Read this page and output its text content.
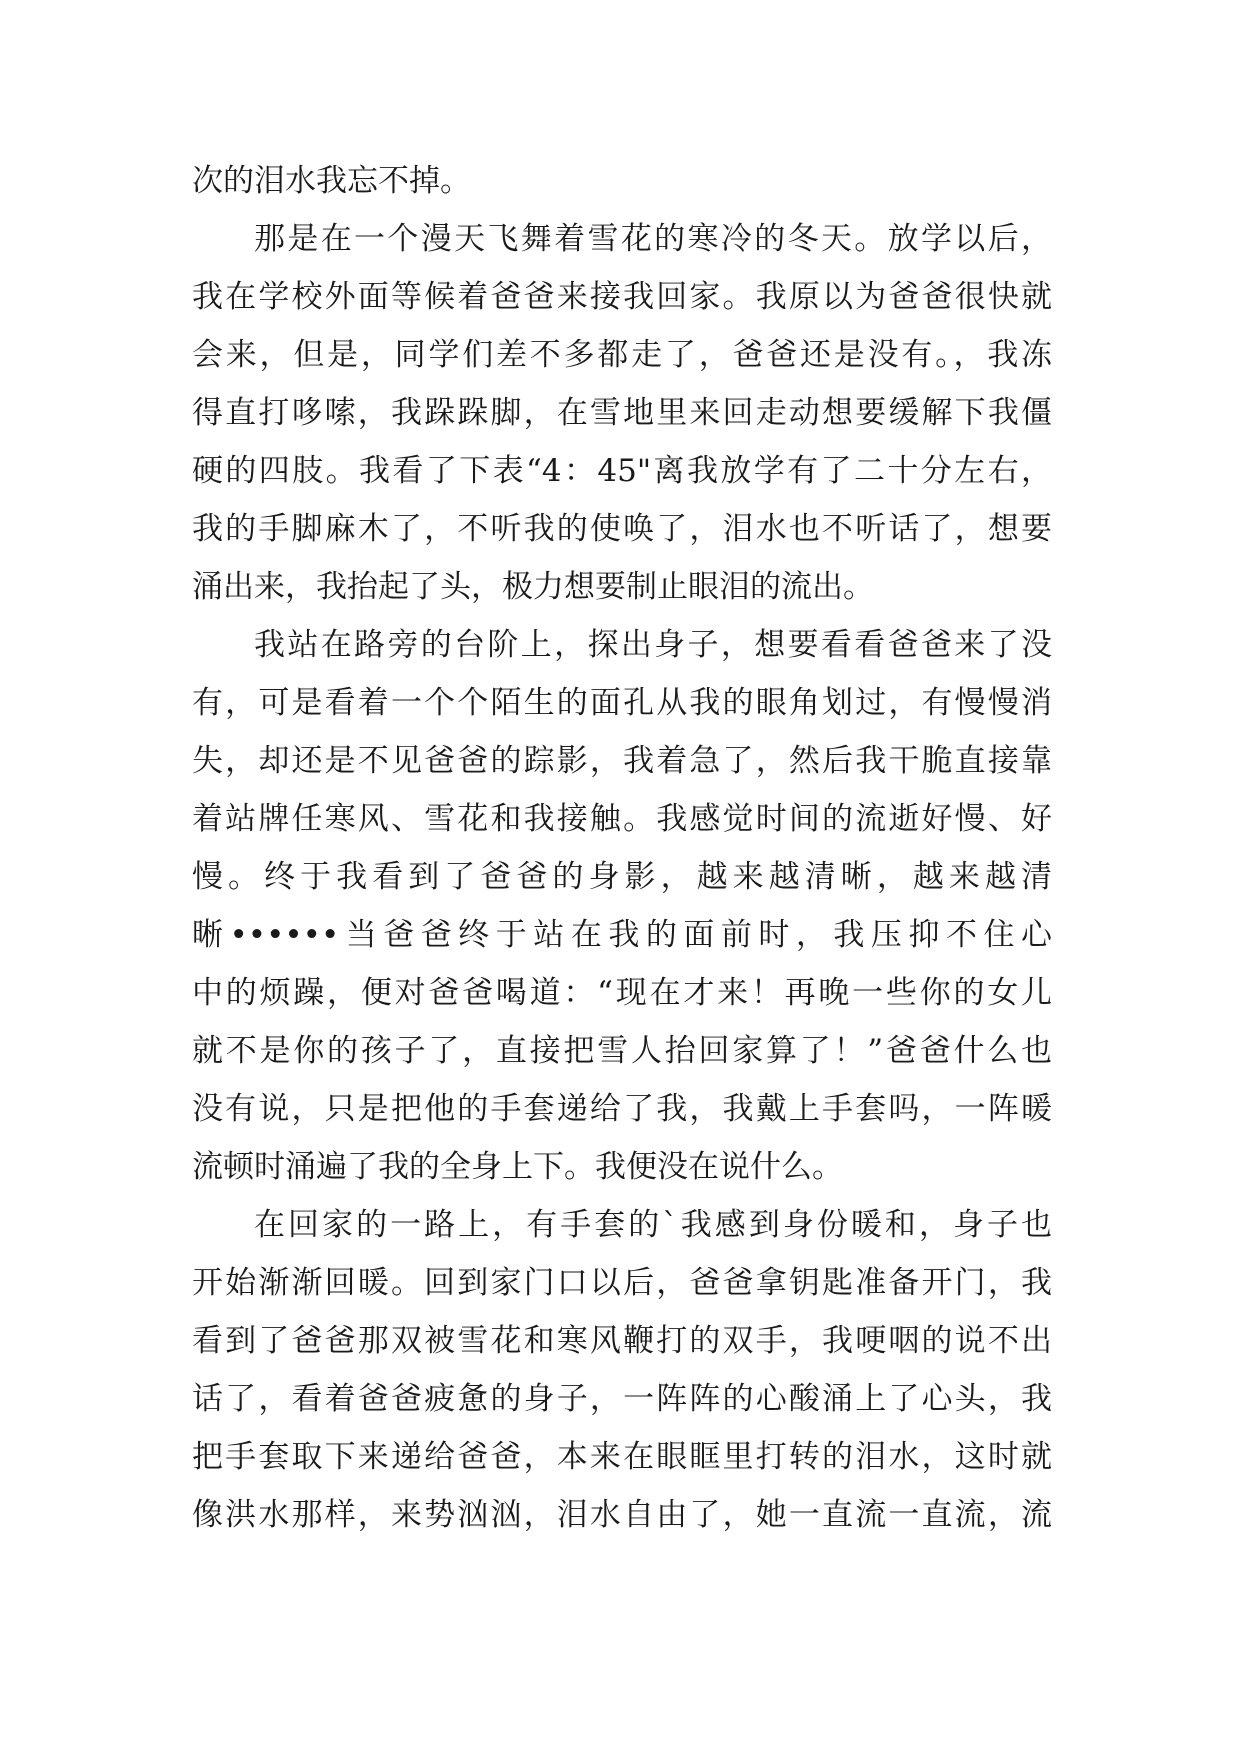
次的泪水我忘不掉。
那是在一个漫天飞舞着雪花的寒冷的冬天。放学以后，
我在学校外面等候着爸爸来接我回家。我原以为爸爸很快就
会来，但是，同学们差不多都走了，爸爸还是没有。，我冻
得直打哆嗦，我跺跺脚，在雪地里来回走动想要缓解下我僵
硬的四肢。我看了下表“4：45"离我放学有了二十分左右，
我的手脚麻木了，不听我的使唤了，泪水也不听话了，想要
涌出来，我抬起了头，极力想要制止眼泪的流出。
我站在路旁的台阶上，探出身子，想要看看爸爸来了没
有，可是看着一个个陌生的面孔从我的眼角划过，有慢慢消
失，却还是不见爸爸的踪影，我着急了，然后我干脆直接靠
着站牌任寒风、雪花和我接触。我感觉时间的流逝好慢、好
慢。终于我看到了爸爸的身影，越来越清晰，越来越清
晰••••••当爸爸终于站在我的面前时，我压抑不住心
中的烦躁，便对爸爸喝道：“现在才来！再晚一些你的女儿
就不是你的孩子了，直接把雪人抬回家算了！”爸爸什么也
没有说，只是把他的手套递给了我，我戴上手套吗，一阵暖
流顿时涌遍了我的全身上下。我便没在说什么。
在回家的一路上，有手套的`我感到身份暖和，身子也
开始渐渐回暖。回到家门口以后，爸爸拿钥匙准备开门，我
看到了爸爸那双被雪花和寒风鞭打的双手，我哽咽的说不出
话了，看着爸爸疲惫的身子，一阵阵的心酸涌上了心头，我
把手套取下来递给爸爸，本来在眼眶里打转的泪水，这时就
像洪水那样，来势汹汹，泪水自由了，她一直流一直流，流
